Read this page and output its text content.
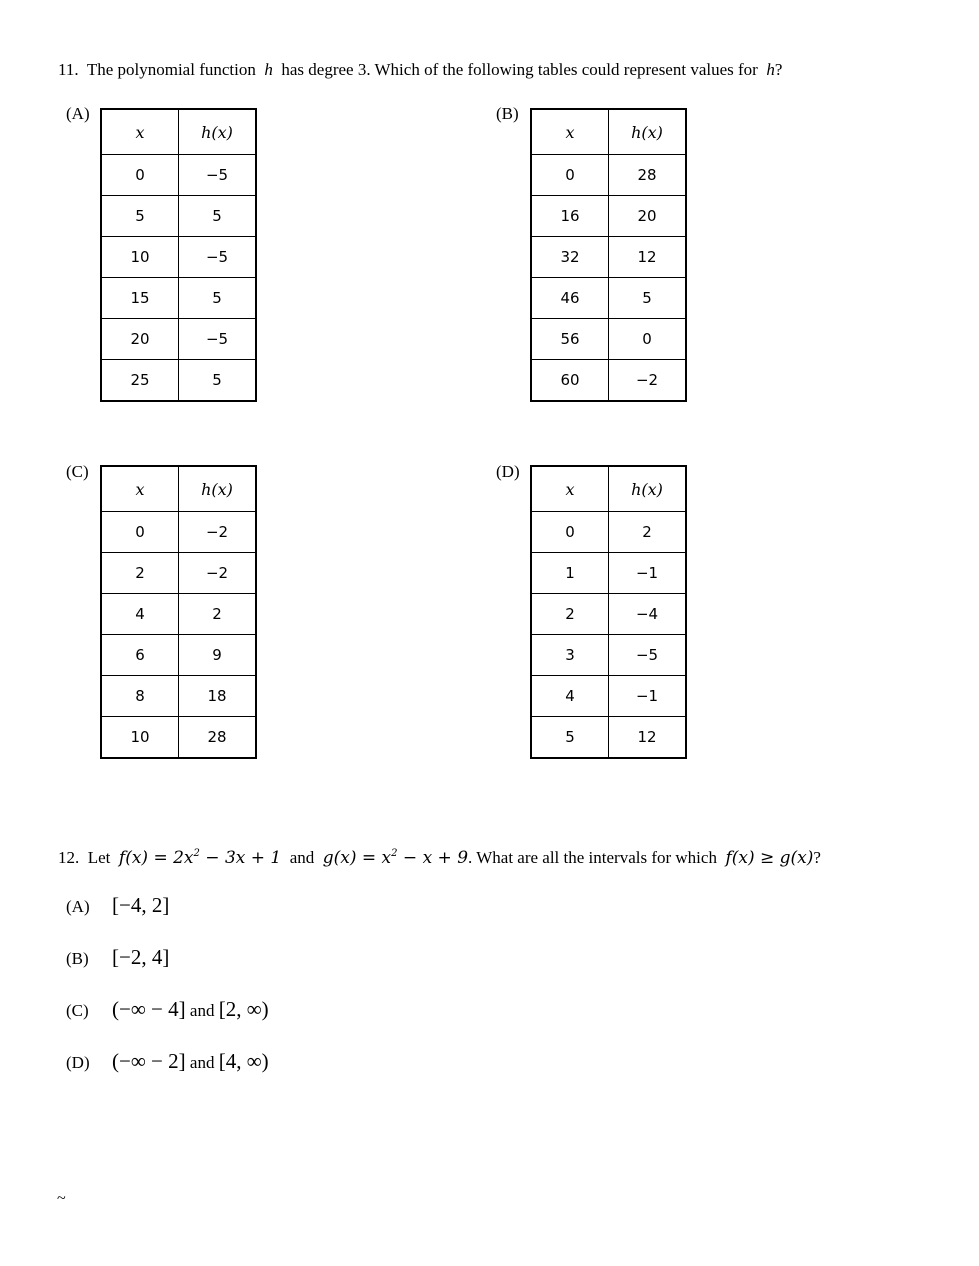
11. The polynomial function h has degree 3. Which of the following tables could represent values for h?
(A)
x	h(x)
0	−5
5	5
10	−5
15	5
20	−5
25	5
(B)
x	h(x)
0	28
16	20
32	12
46	5
56	0
60	−2
(C)
x	h(x)
0	−2
2	−2
4	2
6	9
8	18
10	28
(D)
x	h(x)
0	2
1	−1
2	−4
3	−5
4	−1
5	12
12. Let $f(x) = 2x^2 - 3x + 1$ and $g(x) = x^2 - x + 9$. What are all the intervals for which f(x) ≥ g(x)?
(A) [−4, 2]
(B) [−2, 4]
(C) (−∞ − 4] and [2, ∞)
(D) (−∞ − 2] and [4, ∞)
~
